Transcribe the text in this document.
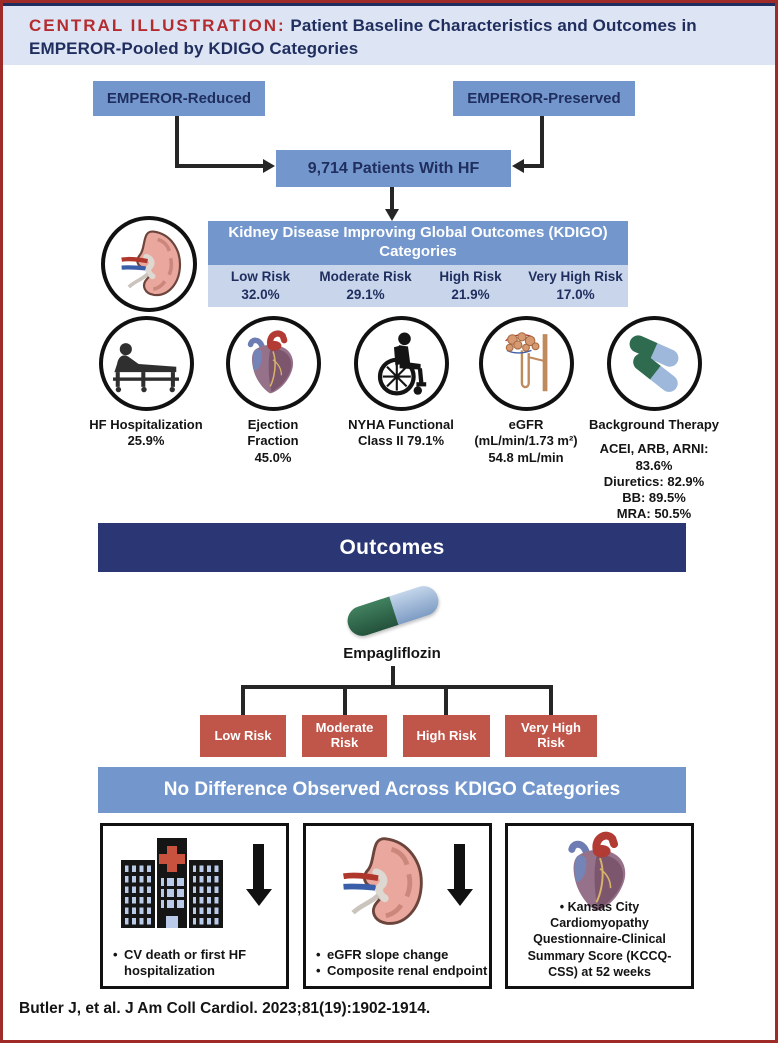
CENTRAL ILLUSTRATION: Patient Baseline Characteristics and Outcomes in EMPEROR-Pooled by KDIGO Categories
EMPEROR-Reduced	EMPEROR-Preserved
9,714 Patients With HF
Kidney Disease Improving Global Outcomes (KDIGO)
Categories
Low Risk
32.0%
Moderate Risk
29.1%
High Risk
21.9%
Very High Risk
17.0%
HF Hospitalization
25.9%
Ejection
Fraction
45.0%
NYHA Functional
Class II 79.1%
eGFR
(mL/min/1.73 m²)
54.8 mL/min
Background Therapy
ACEI, ARB, ARNI:
83.6%
Diuretics: 82.9%
BB: 89.5%
MRA: 50.5%
Outcomes
Empagliflozin
Low Risk	Moderate Risk	High Risk	Very High Risk
No Difference Observed Across KDIGO Categories
• CV death or first HF hospitalization
• eGFR slope change
• Composite renal endpoint
• Kansas City Cardiomyopathy Questionnaire-Clinical Summary Score (KCCQ-CSS) at 52 weeks
Butler J, et al. J Am Coll Cardiol. 2023;81(19):1902-1914.
